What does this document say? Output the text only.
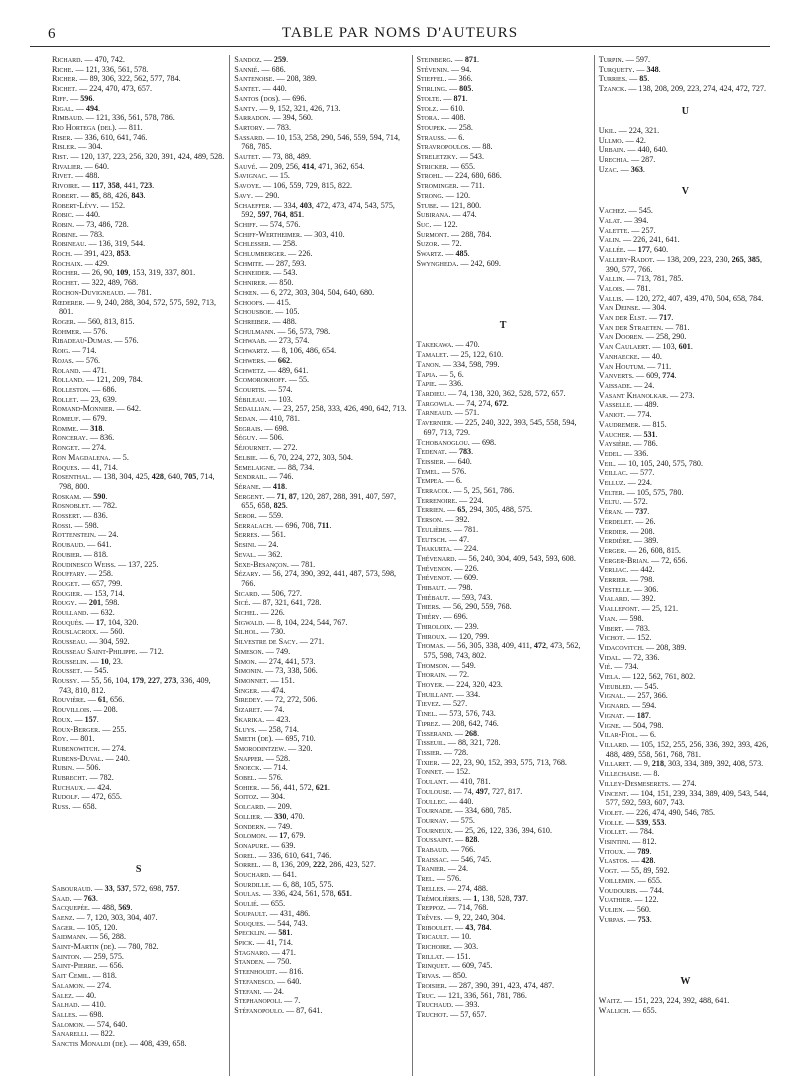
6	TABLE PAR NOMS D'AUTEURS
Richard. — 470, 742.
Riche. — 121, 336, 561, 578.
Richer. — 89, 306, 322, 562, 577, 784.
Richet. — 224, 470, 473, 657.
Riff. — 596.
Rigal. — 494.
Rimbaud. — 121, 336, 561, 578, 786.
Rio Hortega (del). — 811.
Riser. — 336, 610, 641, 746.
Risler. — 304.
Rist. — 120, 137, 223, 256, 320, 391, 424, 489, 528.
Rivalier. — 640.
Rivet. — 488.
Rivoire. — 117, 358, 441, 723.
Robert. — 85, 88, 426, 843.
Robert-Lévy. — 152.
Robic. — 440.
Robin. — 73, 486, 728.
Robine. — 783.
Robineau. — 136, 319, 544.
Roch. — 391, 423, 853.
Rochaix. — 429.
Rocher. — 26, 90, 109, 153, 319, 337, 801.
Rochet. — 322, 489, 768.
Rochon-Duvigneaud. — 781.
Rœderer. — 9, 240, 288, 304, 572, 575, 592, 713, 801.
Roger. — 560, 813, 815.
Rohmer. — 576.
Ribadeau-Dumas. — 576.
Roig. — 714.
Rojas. — 576.
Roland. — 471.
Rolland. — 121, 209, 784.
Rolleston. — 686.
Rollet. — 23, 639.
Romand-Monnier. — 642.
Romeuf. — 679.
Romme. — 318.
Ronceray. — 836.
Ronget. — 274.
Ron Magdalena. — 5.
Roques. — 41, 714.
Rosenthal. — 138, 304, 425, 428, 640, 705, 714, 798, 800.
Roskam. — 590.
Rosnoblet. — 782.
Rossert. — 836.
Rossi. — 598.
Rottenstein. — 24.
Roubaud. — 641.
Roubier. — 818.
Roudinesco Weiss. — 137, 225.
Rouffary. — 258.
Rouget. — 657, 799.
Rougier. — 153, 714.
Rougy. — 201, 598.
Roulland. — 632.
Rouquès. — 17, 104, 320.
Rouslacroix. — 560.
Rousseau. — 304, 592.
Rousseau Saint-Philippe. — 712.
Rousselin. — 10, 23.
Rousset. — 545.
Roussy. — 55, 56, 104, 179, 227, 273, 336, 409, 743, 810, 812.
Rouvière. — 61, 656.
Rouvillois. — 208.
Roux. — 157.
Roux-Berger. — 255.
Roy. — 801.
Rubenowitch. — 274.
Rubens-Duval. — 240.
Rubin. — 506.
Rubrecht. — 782.
Ruchaux. — 424.
Rudolf. — 472, 655.
Russ. — 658.
S
Sabouraud. — 33, 537, 572, 698, 757.
Saad. — 763.
Sacquepée. — 488, 569.
Saenz. — 7, 120, 303, 304, 407.
Sager. — 105, 120.
Saidmann. — 56, 288.
Saint-Martin (de). — 780, 782.
Sainton. — 259, 575.
Saint-Pierre. — 656.
Sait Cemil. — 818.
Salamon. — 274.
Salez. — 40.
Salhad. — 410.
Salles. — 698.
Salomon. — 574, 640.
Sanarelli. — 822.
Sanctis Monaldi (de). — 408, 439, 658.
Sandoz. — 259.
Sannié. — 686.
Santenoise. — 208, 389.
Santet. — 440.
Santos (dos). — 696.
Santy. — 9, 152, 321, 426, 713.
Sarradon. — 394, 560.
Sartory. — 783.
Sassard. — 10, 153, 258, 290, 546, 559, 594, 714, 768, 785.
Sautet. — 73, 88, 489.
Sauvé. — 209, 256, 414, 471, 362, 654.
Savignac. — 15.
Savoye. — 106, 559, 729, 815, 822.
Savy. — 290.
Schaeffer. — 334, 403, 472, 473, 474, 543, 575, 592, 597, 764, 851.
Schiff. — 574, 576.
Schiff-Wertheimer. — 303, 410.
Schlesser. — 258.
Schlumberger. — 226.
Schmite. — 287, 593.
Schneider. — 543.
Schnirer. — 850.
Schœn. — 6, 272, 303, 304, 504, 640, 680.
Schoofs. — 415.
Schousboe. — 105.
Schreiber. — 488.
Schulmann. — 56, 573, 798.
Schwaab. — 273, 574.
Schwartz. — 8, 106, 486, 654.
Schwers. — 662.
Schwetz. — 489, 641.
Scomorokhoff. — 55.
Scourtis. — 574.
Sébileau. — 103.
Sedallian. — 23, 257, 258, 333, 426, 490, 642, 713.
Sedan. — 410, 781.
Segrais. — 698.
Séguy. — 506.
Séjournet. — 272.
Selbie. — 6, 70, 224, 272, 303, 504.
Semelaigne. — 88, 734.
Sendrail. — 746.
Sérane. — 418.
Sergent. — 71, 87, 120, 287, 288, 391, 407, 597, 655, 658, 825.
Seror. — 559.
Serralach. — 696, 708, 711.
Serres. — 561.
Sesini. — 24.
Seval. — 362.
Sexe-Besançon. — 781.
Sézary. — 56, 274, 390, 392, 441, 487, 573, 598, 766.
Sicard. — 506, 727.
Sicé. — 87, 321, 641, 728.
Sichel. — 226.
Sigwald. — 8, 104, 224, 544, 767.
Silhol. — 730.
Silvestre de Sacy. — 271.
Simeson. — 749.
Simon. — 274, 441, 573.
Simonin. — 73, 338, 506.
Simonnet. — 151.
Singer. — 474.
Siredey. — 72, 272, 506.
Sizaret. — 74.
Skarika. — 423.
Sluys. — 258, 714.
Smeth (de). — 695, 710.
Smorodintzew. — 320.
Snapper. — 528.
Snoeck. — 714.
Sobel. — 576.
Sohier. — 56, 441, 572, 621.
Soitoz. — 304.
Solcard. — 209.
Sollier. — 330, 470.
Sondern. — 749.
Solomon. — 17, 679.
Sonapure. — 639.
Sorel. — 336, 610, 641, 746.
Sorrel. — 8, 136, 209, 222, 286, 423, 527.
Souchard. — 641.
Sourdille. — 6, 88, 105, 575.
Soulas. — 336, 424, 561, 578, 651.
Soulié. — 655.
Soupault. — 431, 486.
Souques. — 544, 743.
Specklin. — 581.
Spick. — 41, 714.
Stagnaro. — 471.
Standen. — 750.
Steenhoudt. — 816.
Stefanesco. — 640.
Stefani. — 24.
Stephanopoli. — 7.
Stéfanopoulo. — 87, 641.
Steinberg. — 871.
Stévenin. — 94.
Stieffel. — 366.
Stirling. — 805.
Stolte. — 871.
Stolz. — 610.
Stora. — 408.
Stoupek. — 258.
Strauss. — 6.
Stravropoulos. — 88.
Streletzky. — 543.
Stricker. — 655.
Strohl. — 224, 680, 686.
Strominger. — 711.
Strong. — 120.
Stube. — 121, 800.
Subirana. — 474.
Suc. — 122.
Surmont. — 288, 784.
Suzor. — 72.
Swartz. — 485.
Swyngheda. — 242, 609.
T
Takekawa. — 470.
Tamalet. — 25, 122, 610.
Tanon. — 334, 598, 799.
Tapia. — 5, 6.
Tapie. — 336.
Tardieu. — 74, 138, 320, 362, 528, 572, 657.
Targowla. — 74, 274, 672.
Tarneaud. — 571.
Tavernier. — 225, 240, 322, 393, 545, 558, 594, 697, 713, 729.
Tchobanoglou. — 698.
Tedenat. — 783.
Teissier. — 640.
Temel. — 576.
Tempea. — 6.
Terracol. — 5, 25, 561, 786.
Terrenoire. — 224.
Terrien. — 65, 294, 305, 488, 575.
Terson. — 392.
Teulières. — 781.
Teutsch. — 47.
Thakurta. — 224.
Thévenard. — 56, 240, 304, 409, 543, 593, 608.
Thévenon. — 226.
Thévenot. — 609.
Thibaut. — 798.
Thiébaut. — 593, 743.
Thiers. — 56, 290, 559, 768.
Thiéry. — 696.
Thiroloix. — 239.
Thiroux. — 120, 799.
Thomas. — 56, 305, 338, 409, 411, 472, 473, 562, 575, 598, 743, 802.
Thomson. — 549.
Thorain. — 72.
Thoyer. — 224, 320, 423.
Thuillant. — 334.
Tievez. — 527.
Tinel. — 573, 576, 743.
Tiprez. — 208, 642, 746.
Tisserand. — 268.
Tisseuil. — 88, 321, 728.
Tissier. — 728.
Tixier. — 22, 23, 90, 152, 393, 575, 713, 768.
Tonnet. — 152.
Toulant. — 410, 781.
Toulouse. — 74, 497, 727, 817.
Toullec. — 440.
Tournade. — 334, 680, 785.
Tournay. — 575.
Tourneux. — 25, 26, 122, 336, 394, 610.
Toussaint. — 828.
Trabaud. — 766.
Traissac. — 546, 745.
Tranier. — 24.
Trel. — 576.
Trelles. — 274, 488.
Trémolières. — 1, 138, 528, 737.
Treppoz. — 714, 768.
Trêves. — 9, 22, 240, 304.
Triboulet. — 43, 784.
Tricault. — 10.
Trichoire. — 303.
Trillat. — 151.
Trinquet. — 609, 745.
Trivas. — 850.
Troisier. — 287, 390, 391, 423, 474, 487.
Truc. — 121, 336, 561, 781, 786.
Truchaud. — 393.
Truchot. — 57, 657.
Turpin. — 597.
Turquety. — 348.
Turries. — 85.
Tzanck. — 138, 208, 209, 223, 274, 424, 472, 727.
U
Ukil. — 224, 321.
Ullmo. — 42.
Urbain. — 440, 640.
Urechia. — 287.
Uzac. — 363.
V
Vachez. — 545.
Valat. — 394.
Valette. — 257.
Valin. — 226, 241, 641.
Vallée. — 177, 640.
Vallery-Radot. — 138, 209, 223, 230, 265, 385, 390, 577, 766.
Vallin. — 713, 781, 785.
Valois. — 781.
Vallis. — 120, 272, 407, 439, 470, 504, 658, 784.
Van Deinse. — 304.
Van der Elst. — 717.
Van der Straeten. — 781.
Van Dooren. — 258, 290.
Van Caulaert. — 103, 601.
Vanhaecke. — 40.
Van Houtum. — 711.
Vanverts. — 609, 774.
Vaissade. — 24.
Vasant Khanolkar. — 273.
Vasselle. — 489.
Vaniot. — 774.
Vaudremer. — 815.
Vaucher. — 531.
Vaysière. — 786.
Vedel. — 336.
Veil. — 10, 105, 240, 575, 780.
Veillac. — 577.
Velluz. — 224.
Velter. — 105, 575, 780.
Veltu. — 572.
Véran. — 737.
Verdelet. — 26.
Verdier. — 208.
Verdière. — 389.
Verger. — 26, 608, 815.
Verger-Brian. — 72, 656.
Verliac. — 442.
Verrier. — 798.
Vestelle. — 306.
Vialard. — 392.
Viallefont. — 25, 121.
Vian. — 598.
Vibert. — 783.
Vichot. — 152.
Vidacovitch. — 208, 389.
Vidal. — 72, 336.
Vié. — 734.
Viela. — 122, 562, 761, 802.
Vieubled. — 545.
Vignal. — 257, 366.
Vignard. — 594.
Vignat. — 187.
Vigne. — 504, 798.
Vilar-Fiol. — 6.
Villard. — 105, 152, 255, 256, 336, 392, 393, 426, 488, 489, 558, 561, 768, 781.
Villaret. — 9, 218, 303, 334, 389, 392, 408, 573.
Villechaise. — 8.
Villey-Desmeserets. — 274.
Vincent. — 104, 151, 239, 334, 389, 409, 543, 544, 577, 592, 593, 607, 743.
Violet. — 226, 474, 490, 546, 785.
Violle. — 539, 553.
Viollet. — 784.
Visintini. — 812.
Vitoux. — 789.
Vlastos. — 428.
Vogt. — 55, 89, 592.
Voillemin. — 655.
Voudouris. — 744.
Vuathier. — 122.
Vulien. — 560.
Vurpas. — 753.
W
Waitz. — 151, 223, 224, 392, 488, 641.
Wallich. — 655.
